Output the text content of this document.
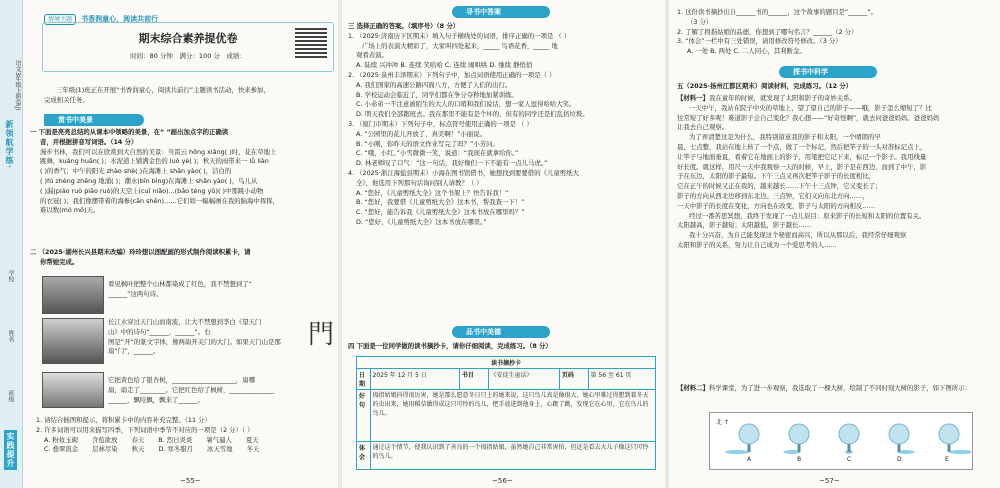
新领航学练·
语文3年级上册(RJ)
学校
姓名
班级
实践提升
情境主题 书香润童心，阅读共前行
期末综合素养提优卷
时间：80 分钟　满分：100 分　成绩：
三年级(1)班正在开展“书香润童心，阅读共前行”主题读书活动，快来参加，
完成相关任务。
赏书中美景
一 下面是亮亮总结的从课本中领略的美景，在“ ”画出加点字的正确读
音，并根据拼音写词语。（14 分）
漫步书林，我们可以在欣赏到大自然的美景：当雷云 hōng xiǎng( )时，花在草地上
跳舞，kuáng huān( )；水泥道上铺满金色的 luò yè( )；秋天的雨带来一 lǚ liàn
( )的香气；中午的阳光 zhào shè( )在海滩上 shǎn yào( )，洁白的
( )fú zhèng zhēng 地涌( )；潮水(bīn bìng)在海滩上 shǎn yào( )，鸟儿从
( )漏(piáo ruò piāo ruò)的天空上(cuī niǎo)...(bāo téng yǔ)( )中那跳小动物
的衣冠( )；我们像摆带着的海参(cān shēn)……它们如一幅幅画在我的脑海中挥挥，
难以数(mó mǒ)天。
二 （2025·湖州长兴县期末改编）玲玲想以图配画的形式制作阅读积累卡，请
你帮她完成。
看见枫叶把整个山林都染成了红色，我不禁想到了“
______”这两句诗。
长江水穿过天门山而南流，让大不禁想到李白《望天门
山》中的诗句“______，______”。右
图是“开”的篆文字体，像两扇开关门的大门。如果天门山是那
扇“门”，______。
門
它把黄色给了银杏树，____________________，扇哪
扇，扇走了________。它把红色给了枫树，______________
______，飘哇飘，飘来了______。
1. 请结合插图和提示，将积累卡中的内容补充完整。（11 分）
2. 许多词语可以用来描写四季，下列词语中季节不对应的一项是（2 分）（ ）
A. 粉妆玉砌 含苞欲放 春天 B. 烈日炎炎 暑气逼人 夏天
C. 叠翠流金 层林尽染 秋天 D. 寒冬腊月 冰天雪地 冬天
~55~
寻书中答案
三 选择正确的答案。（填序号）（8 分）
1. （2025·济南历下区期末）填入句子横线处的词语，排序正确的一项是 （ ）
广场上的表演大精彩了，大家叫四处起来，_____ 鸟语花香，_____ 地
观看表演。
A. 陆续 兴冲冲 B. 连续 笑哈哈 C. 连续 闹哄哄 D. 继续 静悄悄
2. （2025·泉州丰泽期末）下列句子中，加点词语使用正确的一项是（ ）
A. 我们国家的高速公路四面八方，方便了人们的出行。
B. 学校运动会临近了，同学们都在争分夺秒地加紧训练。
C. 小弟弟一不注意被陌生的大人的口哨和我们说话，想一家人逗得哈哈大笑。
D. 明天我们全部跑班去。我在那里不能有是个坏的，但有的同学还是们乱扔垃圾。
3. （厦门市期末）下列句子中，标点符号使用正确的一项是 （ ）
A. “公园里的花儿开放了，真美啊！”小丽说。
B. “小刚，你昨天的语文作业写完了吗？”小芳问。
C. “哦，小红。”小雪微微一笑，说道：“我现在就拿给你。”
D. 林老师叹了口气：“这一句话，我好像们一下不能有一点儿马虎。”
4. （2025·浙江海盐县期末）小海在图书馆借书，她想找到要要借的《儿童剪纸大
全》，他选用下列那句话询问别人请教？（ ）
A. “您好，《儿童剪纸大全》这个书架上？快告诉我！”
B. “您好，我要借《儿童剪纸大全》这本书，帮我查一下！”
C. “您好，能告诉我《儿童剪纸大全》这本书放在哪里吗？”
D. “您好，《儿童剪纸大全》这本书放在哪里。”
品书中美德
四 下面是一位同学做的读书摘抄卡，请你仔细阅读，完成练习。（8 分）
读书摘抄卡					
日期	2025 年 12 月 5 日	书目	《安徒生童话》	页码	第 56 至 61 页
好句	拇指姑娘抖得很厉害，她是那么愿意冬日只上的她来说，这只鸟儿真是像很大，她心里难过得想到着冬天的虫出来，她用稻草做得成这只可怜的鸟儿，把手放进到他身上，心跳了跳，发现它在心里，它在鸟儿的鸟儿。				
体会	通过这个情节，使我认识到了善良的一个拇指姑娘，虽然她自己非常害怕，但还是看去大儿子像这只可怜的鸟儿。				
~56~
1. 这份读书摘抄出自______书的______，这个故事的题目是“______”。
（3 分）
2. 了解了拇指姑娘的品德，你想到了哪句名言？______（2 分）
3. “体会”一栏中有三处错误，请用修改符号修改。（3 分）
A. 一处 B. 两处 C. 二人同心，其利断金。
探书中科学
五（2025·扬州江都区期末）阅读材料，完成练习。（12 分）
【材料一】我在童年的时候，就发现了太阳和影子的奇妙关系。
一天中午，我站在院子中央的草地上，望了望自己的影子——哦，影子怎么缩短了？比
往常短了好多呢！难道影子会自己变化？我心想——“好奇怪啊”，就去问爸爸妈妈。爸爸妈妈
让我去自己观察。
为了弄清楚这是为什么，我特别留意我的影子和太阳，一个晴朗的早
晨，七点整，我站在地上转了一个点，做了一个标记，然后把竿子的一头对准标记点上，
让竿子与地面垂直，看着它在地面上的影子，用笔把它记下来，标记一个影子。我用线量
好长度。就这样，用尺一天中我观察一天的时候，早上，影子是在西边，而到了中午，影
子在东边，太阳的影子最短。下午三点又再次把竿子影子的长度相比，
它在正午的时候又正在我的，越来越长……下午十三点钟，它又变长了；
影子的方向从西北边移到东北边。三点钟，它们又向东北方向……，
一天中影子的长度在变化，方向也在改变，影子与太阳的方向相反……
经过一番苦思冥想，我终于发现了一点儿眉目：原来影子的长短和太阳的位置有关。
太阳越高，影子越短；太阳越低，影子越长……
我十分兴奋，为自己能发现这个秘密而高兴，所以从那以后，我经常仔细观察
太阳和影子的关系，努力让自己成为一个爱思考的人……
【材料二】科学课堂，为了进一步观察，我选取了一棵大树，绘制了不同时刻大树的影子，如下图所示：
北 ↑
A	B	C	D	E
~57~
